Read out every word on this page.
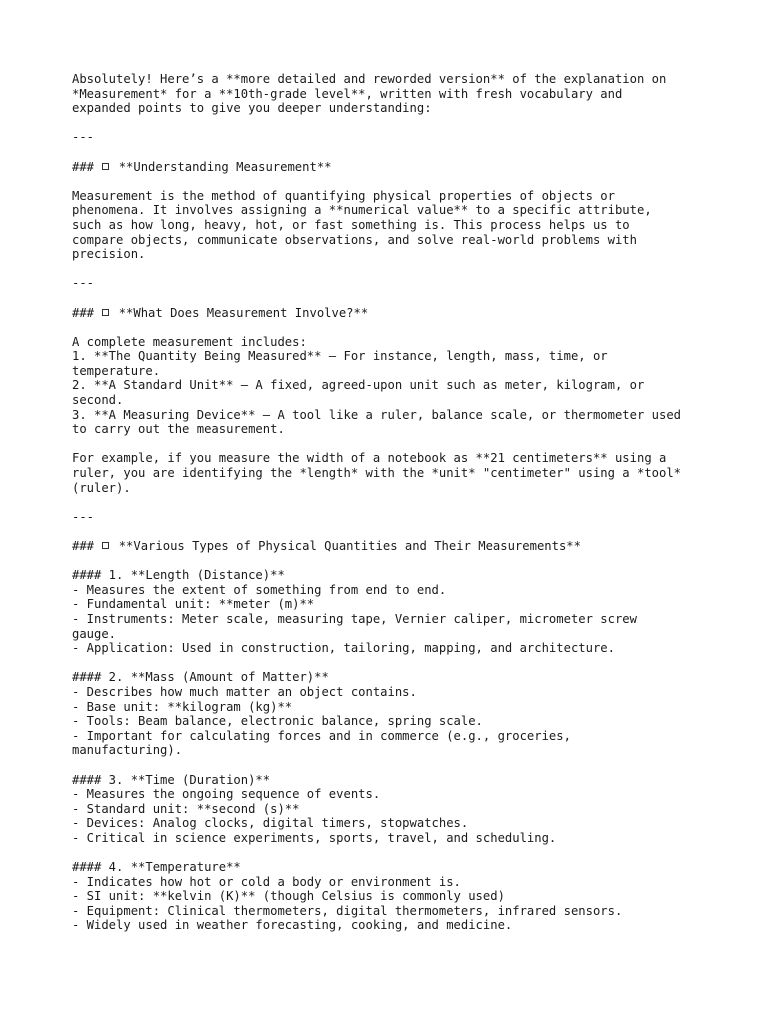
Absolutely! Here’s a **more detailed and reworded version** of the explanation on
*Measurement* for a **10th-grade level**, written with fresh vocabulary and
expanded points to give you deeper understanding:
---
### **Understanding Measurement**
Measurement is the method of quantifying physical properties of objects or
phenomena. It involves assigning a **numerical value** to a specific attribute,
such as how long, heavy, hot, or fast something is. This process helps us to
compare objects, communicate observations, and solve real-world problems with
precision.
---
### **What Does Measurement Involve?**
A complete measurement includes:
1. **The Quantity Being Measured** – For instance, length, mass, time, or
temperature.
2. **A Standard Unit** – A fixed, agreed-upon unit such as meter, kilogram, or
second.
3. **A Measuring Device** – A tool like a ruler, balance scale, or thermometer used
to carry out the measurement.
For example, if you measure the width of a notebook as **21 centimeters** using a
ruler, you are identifying the *length* with the *unit* "centimeter" using a *tool*
(ruler).
---
### **Various Types of Physical Quantities and Their Measurements**
#### 1. **Length (Distance)**
- Measures the extent of something from end to end.
- Fundamental unit: **meter (m)**
- Instruments: Meter scale, measuring tape, Vernier caliper, micrometer screw
gauge.
- Application: Used in construction, tailoring, mapping, and architecture.
#### 2. **Mass (Amount of Matter)**
- Describes how much matter an object contains.
- Base unit: **kilogram (kg)**
- Tools: Beam balance, electronic balance, spring scale.
- Important for calculating forces and in commerce (e.g., groceries,
manufacturing).
#### 3. **Time (Duration)**
- Measures the ongoing sequence of events.
- Standard unit: **second (s)**
- Devices: Analog clocks, digital timers, stopwatches.
- Critical in science experiments, sports, travel, and scheduling.
#### 4. **Temperature**
- Indicates how hot or cold a body or environment is.
- SI unit: **kelvin (K)** (though Celsius is commonly used)
- Equipment: Clinical thermometers, digital thermometers, infrared sensors.
- Widely used in weather forecasting, cooking, and medicine.
